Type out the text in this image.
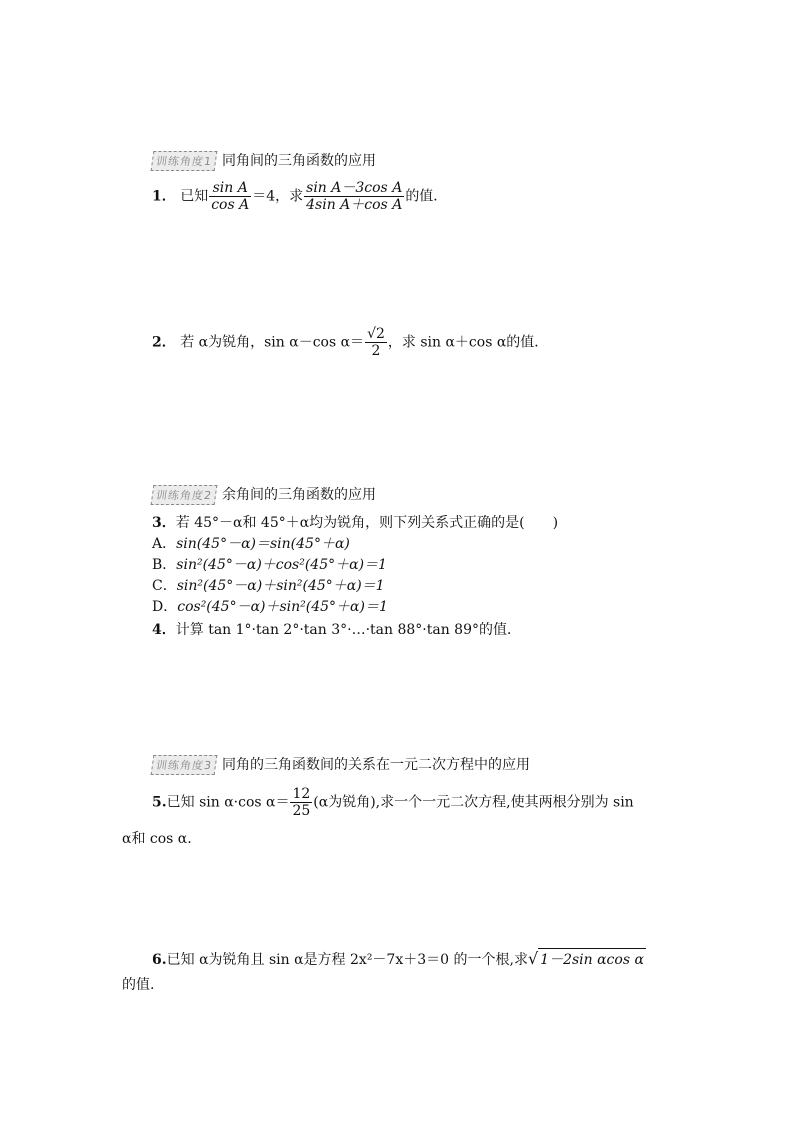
训练角度1 同角间的三角函数的应用
1． 已知 $\frac{\text{sin A}}{\text{cos A}} =4$，求 $\frac{\text{sin A－3cos A}}{\text{4sin A＋cos A}}$ 的值．
2． 若 α为锐角，sin α－cos $\alpha= \frac{√2}{2}$ ，求 sin α＋cos α的值．
训练角度2 余角间的三角函数的应用
3．若 45°－α和 45°＋α均为锐角，则下列关系式正确的是(　　)
A．sin(45°－α)＝sin(45°＋α)
B．sin²(45°－α)＋cos²(45°＋α)＝1
C．sin²(45°－α)＋sin²(45°＋α)＝1
D．cos²(45°－α)＋sin²(45°＋α)＝1
4．计算 tan 1°·tan 2°·tan 3°·…·tan 88°·tan 89°的值．
训练角度3 同角的三角函数间的关系在一元二次方程中的应用
5.已知 sin α·cos $\alpha= \frac{12}{25} (\alpha$为锐角),求一个一元二次方程,使其两根分别为 sin
α和 cos α.
6.已知 α为锐角且 sin α是方程 2x²－7x＋3＝0 的一个根,求√ 1－2sin αcos α
的值.
